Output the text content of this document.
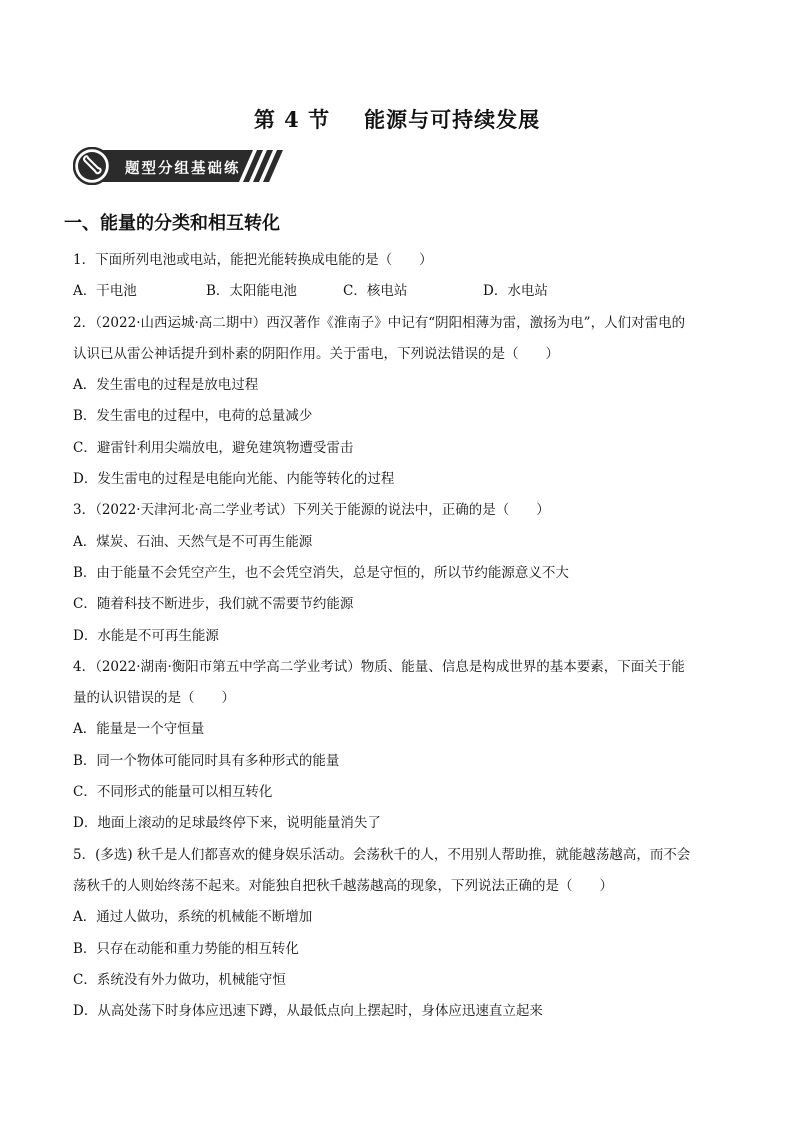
第 4 节 能源与可持续发展
题型分组基础练
一、能量的分类和相互转化
1．下面所列电池或电站，能把光能转换成电能的是（　　）
A．干电池	B．太阳能电池	C．核电站	D．水电站
2．（2022·山西运城·高二期中）西汉著作《淮南子》中记有“阴阳相薄为雷，激扬为电”，人们对雷电的
认识已从雷公神话提升到朴素的阴阳作用。关于雷电，下列说法错误的是（　　）
A．发生雷电的过程是放电过程
B．发生雷电的过程中，电荷的总量减少
C．避雷针利用尖端放电，避免建筑物遭受雷击
D．发生雷电的过程是电能向光能、内能等转化的过程
3．（2022·天津河北·高二学业考试）下列关于能源的说法中，正确的是（　　）
A．煤炭、石油、天然气是不可再生能源
B．由于能量不会凭空产生，也不会凭空消失，总是守恒的，所以节约能源意义不大
C．随着科技不断进步，我们就不需要节约能源
D．水能是不可再生能源
4．（2022·湖南·衡阳市第五中学高二学业考试）物质、能量、信息是构成世界的基本要素，下面关于能
量的认识错误的是（　　）
A．能量是一个守恒量
B．同一个物体可能同时具有多种形式的能量
C．不同形式的能量可以相互转化
D．地面上滚动的足球最终停下来，说明能量消失了
5．(多选) 秋千是人们都喜欢的健身娱乐活动。会荡秋千的人，不用别人帮助推，就能越荡越高，而不会
荡秋千的人则始终荡不起来。对能独自把秋千越荡越高的现象，下列说法正确的是（　　）
A．通过人做功，系统的机械能不断增加
B．只存在动能和重力势能的相互转化
C．系统没有外力做功，机械能守恒
D．从高处荡下时身体应迅速下蹲，从最低点向上摆起时，身体应迅速直立起来
